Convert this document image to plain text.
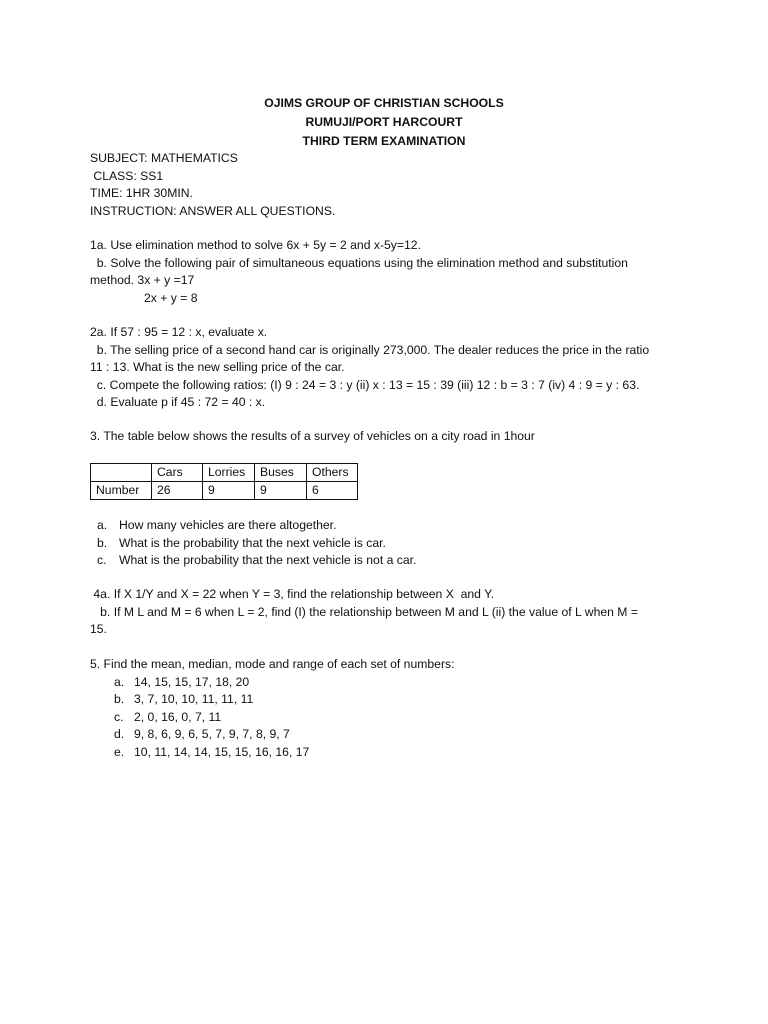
OJIMS GROUP OF CHRISTIAN SCHOOLS
RUMUJI/PORT HARCOURT
THIRD TERM EXAMINATION
SUBJECT: MATHEMATICS
CLASS: SS1
TIME: 1HR 30MIN.
INSTRUCTION: ANSWER ALL QUESTIONS.
1a. Use elimination method to solve 6x + 5y = 2 and x-5y=12.
b. Solve the following pair of simultaneous equations using the elimination method and substitution
method. 3x + y =17
2x + y = 8
2a. If 57 : 95 = 12 : x, evaluate x.
b. The selling price of a second hand car is originally 273,000. The dealer reduces the price in the ratio
11 : 13. What is the new selling price of the car.
c. Compete the following ratios: (I) 9 : 24 = 3 : y (ii) x : 13 = 15 : 39 (iii) 12 : b = 3 : 7 (iv) 4 : 9 = y : 63.
d. Evaluate p if 45 : 72 = 40 : x.
3. The table below shows the results of a survey of vehicles on a city road in 1hour
	Cars	Lorries	Buses	Others
Number	26	9	9	6
a. How many vehicles are there altogether.
b. What is the probability that the next vehicle is car.
c. What is the probability that the next vehicle is not a car.
4a. If X 1/Y and X = 22 when Y = 3, find the relationship between X  and Y.
b. If M L and M = 6 when L = 2, find (I) the relationship between M and L (ii) the value of L when M =
15.
5. Find the mean, median, mode and range of each set of numbers:
a. 14, 15, 15, 17, 18, 20
b. 3, 7, 10, 10, 11, 11, 11
c. 2, 0, 16, 0, 7, 11
d. 9, 8, 6, 9, 6, 5, 7, 9, 7, 8, 9, 7
e. 10, 11, 14, 14, 15, 15, 16, 16, 17
